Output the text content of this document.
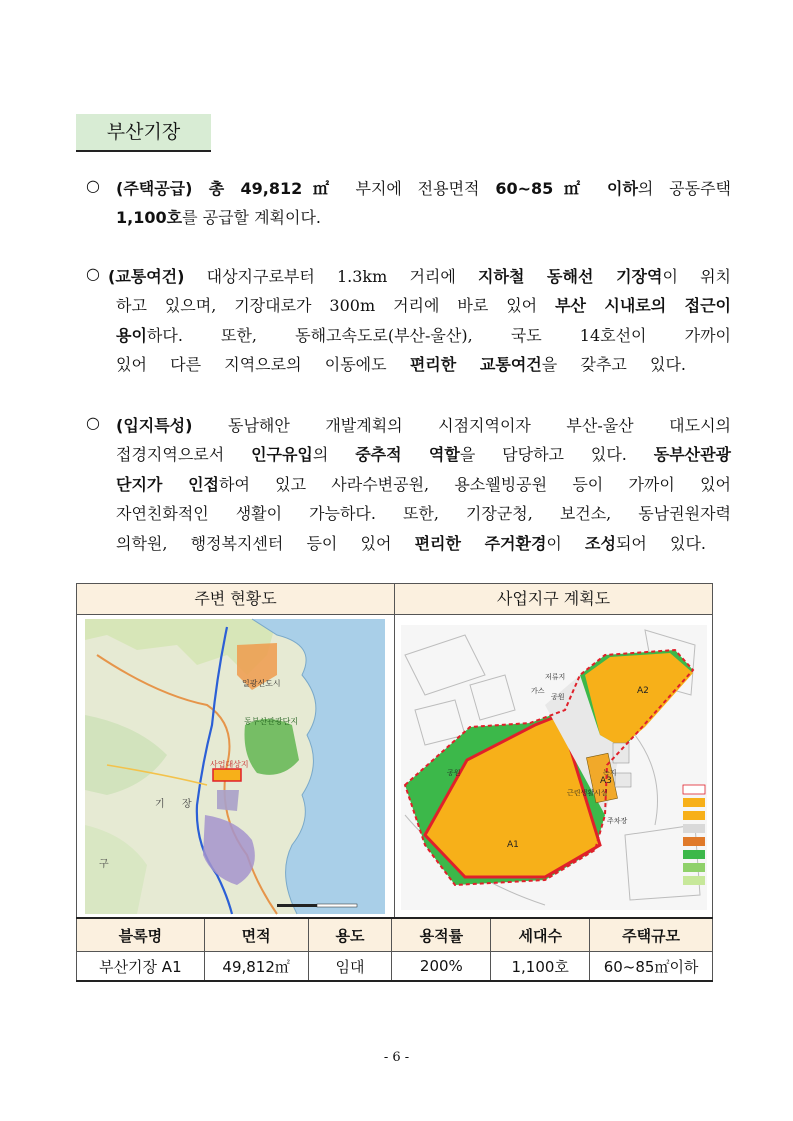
부산기장
○ (주택공급) 총 49,812㎡ 부지에 전용면적 60~85㎡ 이하의 공동주택
1,100호를 공급할 계획이다.
○ (교통여건) 대상지구로부터 1.3km 거리에 지하철 동해선 기장역이 위치
하고 있으며, 기장대로가 300m 거리에 바로 있어 부산 시내로의 접근이
용이하다. 또한, 동해고속도로(부산-울산), 국도 14호선이 가까이
있어 다른 지역으로의 이동에도 편리한 교통여건을 갖추고 있다.
○ (입지특성) 동남해안 개발계획의 시점지역이자 부산-울산 대도시의
접경지역으로서 인구유입의 중추적 역할을 담당하고 있다. 동부산관광
단지가 인접하여 있고 사라수변공원, 용소웰빙공원 등이 가까이 있어
자연친화적인 생활이 가능하다. 또한, 기장군청, 보건소, 동남권원자력
의학원, 행정복지센터 등이 있어 편리한 주거환경이 조성되어 있다.
주변 현황도	사업지구 계획도
일광신도시
동부산관광단지
사업대상지
기 장
구
A1
A2
A3
공원
공원
저류지
가스
근린생활시설
녹지
주차장
블록명	면적	용도	용적률	세대수	주택규모
부산기장 A1	49,812㎡	임대	200%	1,100호	60~85㎡이하
- 6 -
